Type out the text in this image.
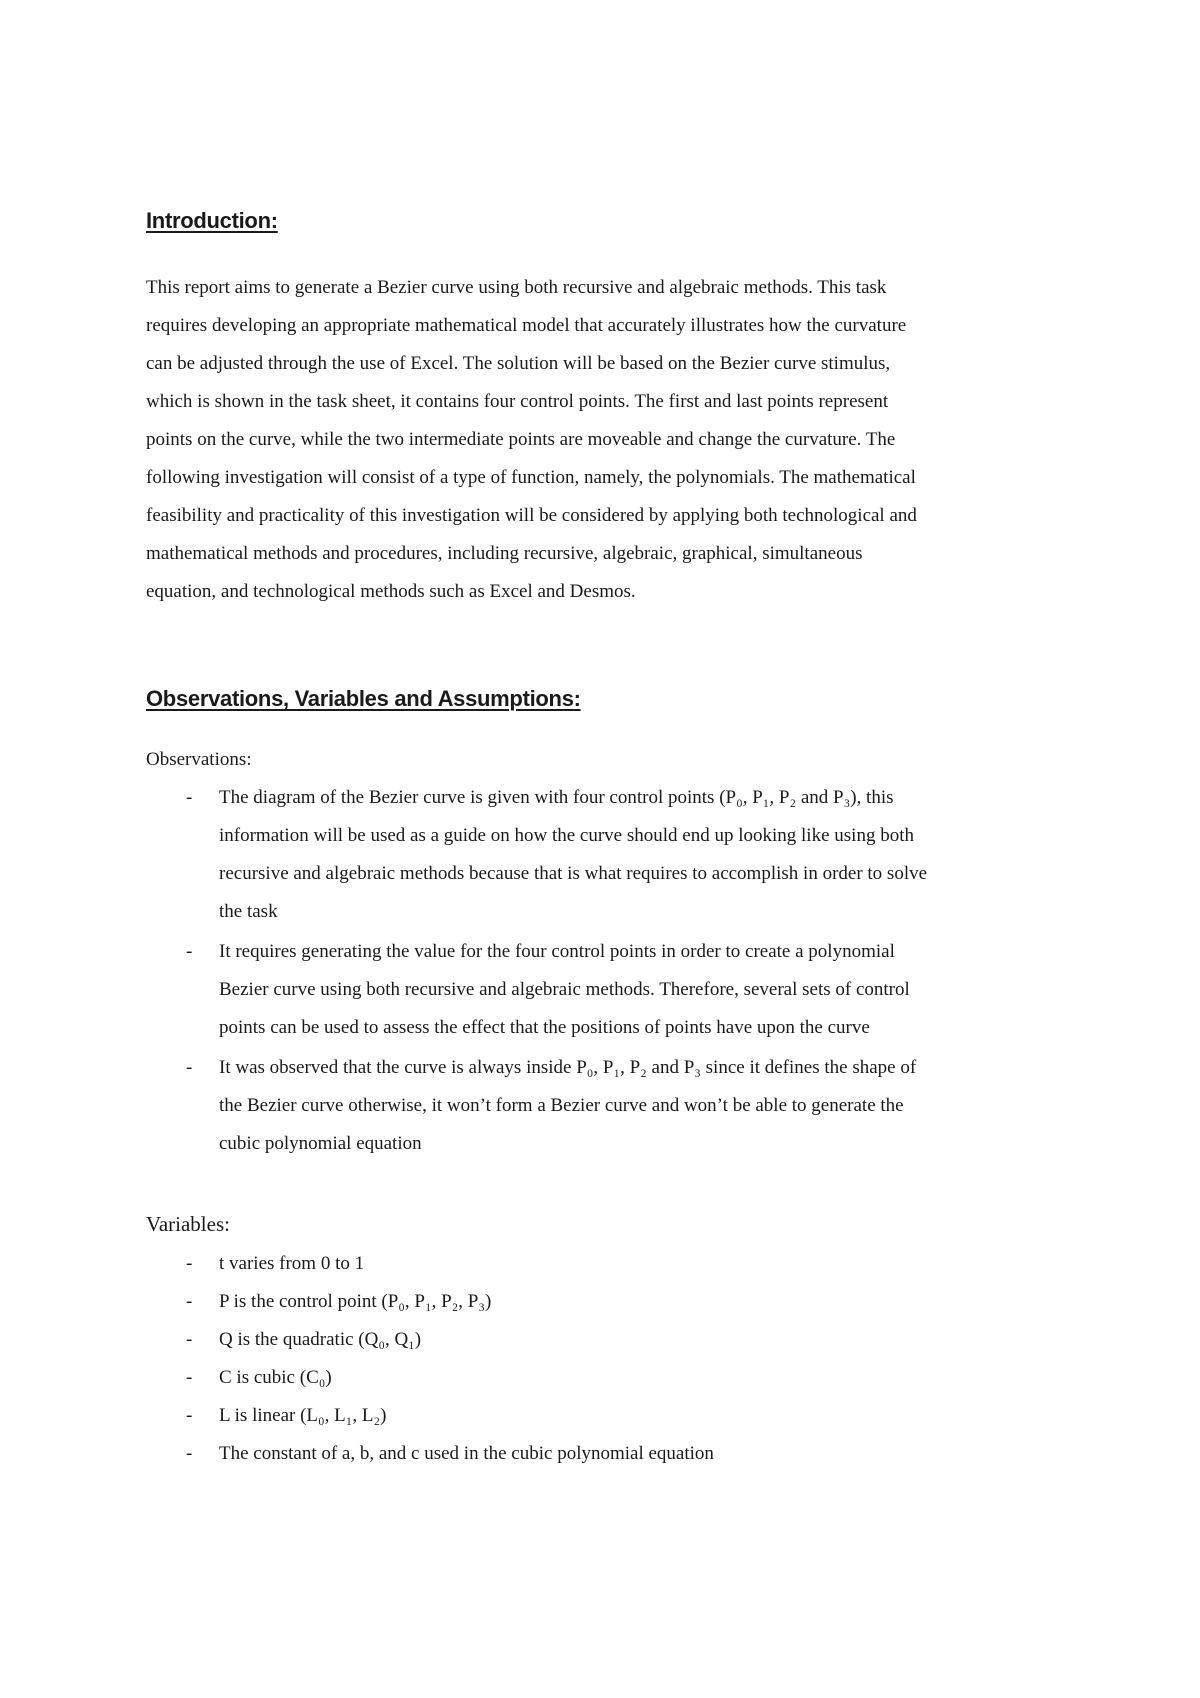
Introduction:

This report aims to generate a Bezier curve using both recursive and algebraic methods. This task

requires developing an appropriate mathematical model that accurately illustrates how the curvature

can be adjusted through the use of Excel. The solution will be based on the Bezier curve stimulus,

which is shown in the task sheet, it contains four control points. The first and last points represent

points on the curve, while the two intermediate points are moveable and change the curvature. The

following investigation will consist of a type of function, namely, the polynomials. The mathematical

feasibility and practicality of this investigation will be considered by applying both technological and

mathematical methods and procedures, including recursive, algebraic, graphical, simultaneous

equation, and technological methods such as Excel and Desmos.

Observations, Variables and Assumptions:

Observations:

- The diagram of the Bezier curve is given with four control points (P₀, P₁, P₂ and P₃), this

information will be used as a guide on how the curve should end up looking like using both

recursive and algebraic methods because that is what requires to accomplish in order to solve

the task

- It requires generating the value for the four control points in order to create a polynomial

Bezier curve using both recursive and algebraic methods. Therefore, several sets of control

points can be used to assess the effect that the positions of points have upon the curve

- It was observed that the curve is always inside P₀, P₁, P₂ and P₃ since it defines the shape of

the Bezier curve otherwise, it won’t form a Bezier curve and won’t be able to generate the

cubic polynomial equation

Variables:

- t varies from 0 to 1

- P is the control point (P₀, P₁, P₂, P₃)

- Q is the quadratic (Q₀, Q₁)

- C is cubic (C₀)

- L is linear (L₀, L₁, L₂)

- The constant of a, b, and c used in the cubic polynomial equation
